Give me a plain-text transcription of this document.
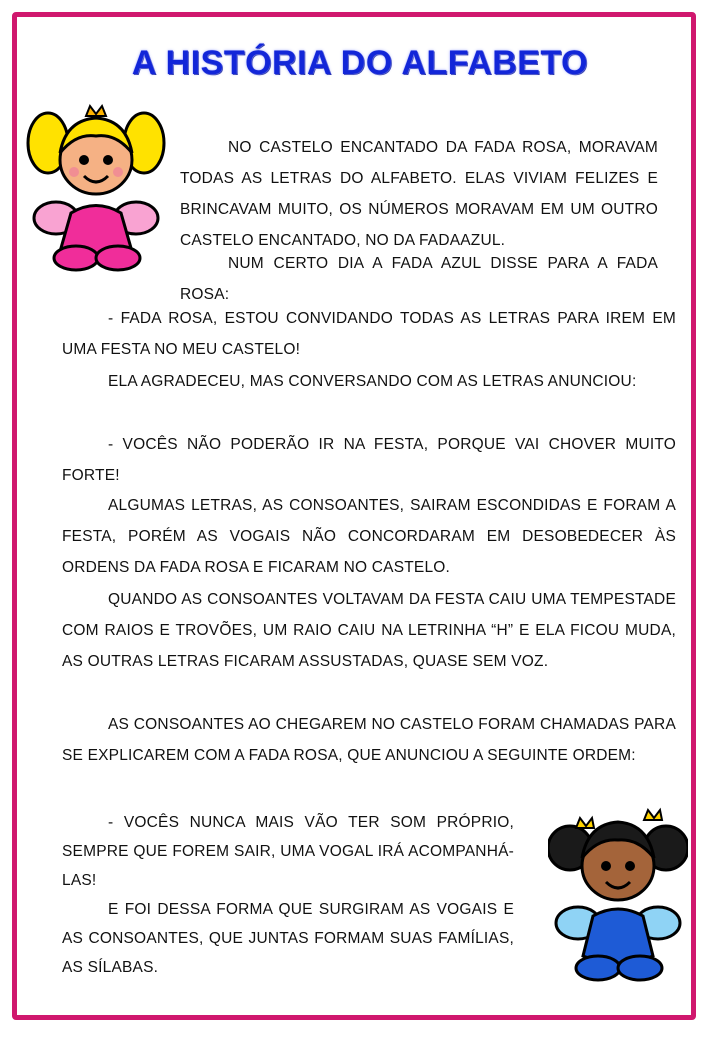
A HISTÓRIA DO ALFABETO

NO CASTELO ENCANTADO DA FADA ROSA, MORAVAM TODAS AS LETRAS DO ALFABETO. ELAS VIVIAM FELIZES E BRINCAVAM MUITO, OS NÚMEROS MORAVAM EM UM OUTRO CASTELO ENCANTADO, NO DA FADAAZUL.

NUM CERTO DIA A FADA AZUL DISSE PARA A FADA ROSA:

- FADA ROSA, ESTOU CONVIDANDO TODAS AS LETRAS PARA IREM EM UMA FESTA NO MEU CASTELO!

ELA AGRADECEU, MAS CONVERSANDO COM AS LETRAS ANUNCIOU:

- VOCÊS NÃO PODERÃO IR NA FESTA, PORQUE VAI CHOVER MUITO FORTE!

ALGUMAS LETRAS, AS CONSOANTES, SAIRAM ESCONDIDAS E FORAM A FESTA, PORÉM AS VOGAIS NÃO CONCORDARAM EM DESOBEDECER ÀS ORDENS DA FADA ROSA E FICARAM NO CASTELO.

QUANDO AS CONSOANTES VOLTAVAM DA FESTA CAIU UMA TEMPESTADE COM RAIOS E TROVÕES, UM RAIO CAIU NA LETRINHA “H” E ELA FICOU MUDA, AS OUTRAS LETRAS FICARAM ASSUSTADAS, QUASE SEM VOZ.

AS CONSOANTES AO CHEGAREM NO CASTELO FORAM CHAMADAS PARA SE EXPLICAREM COM A FADA ROSA, QUE ANUNCIOU A SEGUINTE ORDEM:

- VOCÊS NUNCA MAIS VÃO TER SOM PRÓPRIO, SEMPRE QUE FOREM SAIR, UMA VOGAL IRÁ ACOMPANHÁ-LAS!

E FOI DESSA FORMA QUE SURGIRAM AS VOGAIS E AS CONSOANTES, QUE JUNTAS FORMAM SUAS FAMÍLIAS, AS SÍLABAS.
